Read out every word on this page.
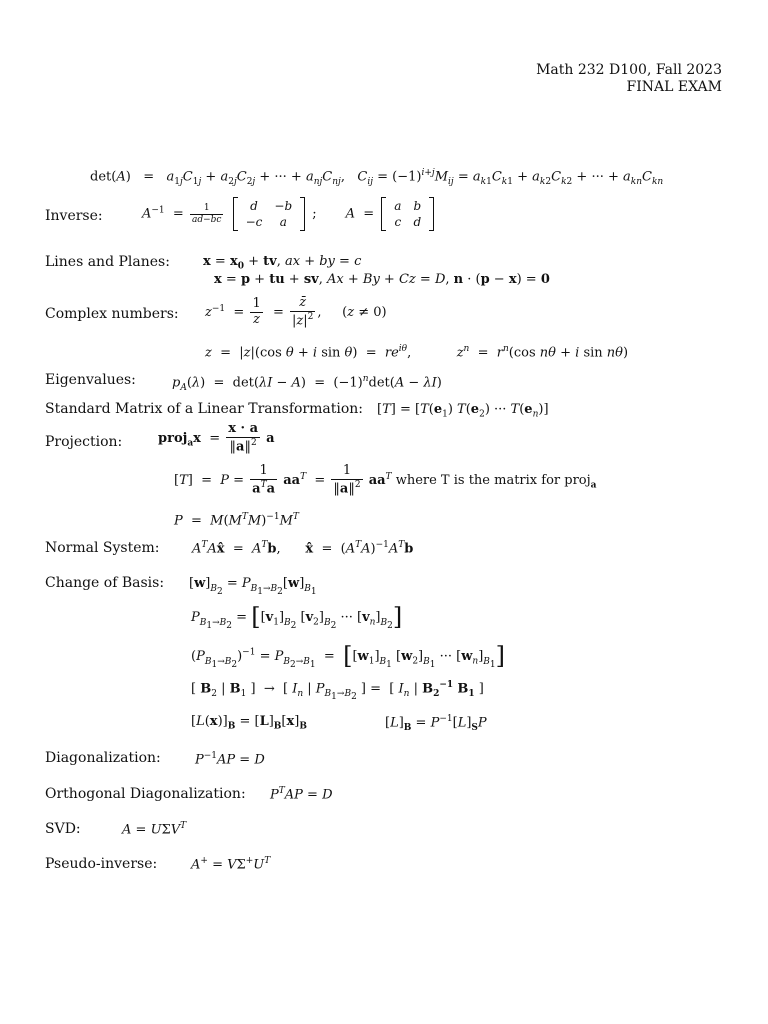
Math 232 D100, Fall 2023
FINAL EXAM
$\det(A) = a_{1j}C_{1j} + a_{2j}C_{2j}$ + ··· + $a_{nj}C_{nj}$,   $C_{ij} = (-1)^{i+j}M_{ij} = a_{k1}C_{k1} + a_{k2}C_{k2}$ + ··· + $a_{kn}C_{kn}$
Inverse:	$A^{-1} = \frac{1}{ad-bc}$
d	−b
−c	a
;       A  =
a	b
c	d
Lines and Planes:	$x = x_0$ + tv, ax + by = c
x = p + tu + sv, Ax + By + Cz = D, n · (p − x) = 0
Complex numbers: $z^{-1} = \frac{1}{z} = \frac{z̄}{|z|^2}$ ,     (z ≠ 0)
z  =  |z|(cos θ + i $\sin \theta) = re^{i\theta}$,           $z^n = r^n(\cos$ nθ + i sin nθ)
Eigenvalues:	$p_A(\lambda) = \det(\lambda I - A) = (-1)^n\det(A - \lambda I)$
Standard Matrix of a Linear Transformation: $[T] = [T(e_1)$ $T(e_2)$ ··· $T(e_n)$]
Projection:	proj$_a$x  = $\frac{x \cdot a}{‖a‖^2}$ a
$[T] = P = \frac{1}{a^Ta} aa^T = \frac{1}{‖a‖^2} aa^T$ where T is the matrix for proj$_a$
$P = M(M^TM)^{-1}M^T$
Normal System: $A^TAx̂ = A^Tb$,      x̂  =  $(A^TA)^{-1}A^Tb$
Change of Basis: $[w]_{B_2} = P_{B_1\to B_2}[w]_{B_1}$
$P_{B_1\to B_2} = [[v_1]_{B_2}$ $[v_2]_{B_2}$ ··· $[v_n]_{B_2}$]
$(P_{B_1\to B_2})^{-1} = P_{B_2\to B_1} = [[w_1]_{B_1}$ $[w_2]_{B_1}$ ··· $[w_n]_{B_1}$]
[ $B_2$ | $B_1$ ]  →  [ $I_n$ | $P_{B_1\to B_2}$ ] =  [ $I_n$ | $B_2^{-1}$ $B_1$ ]
$[L(x)]_B = [L]_B[x]_B$	$[L]_B = P^{-1}[L]_SP$
Diagonalization:	$P^{-1}AP = D$
Orthogonal Diagonalization: $P^TAP = D$
SVD:	$A = U\Sigma V^T$
Pseudo-inverse:	$A^+ = V\Sigma^+U^T$
